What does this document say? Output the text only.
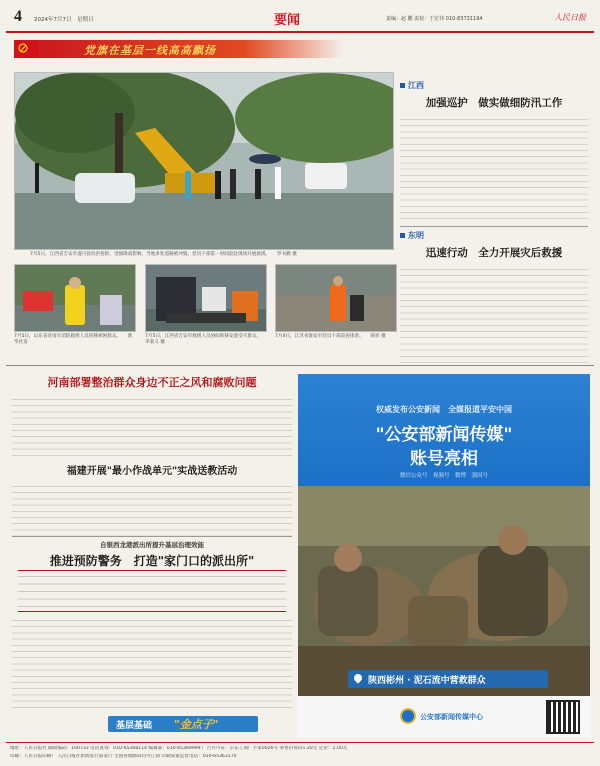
4 2024年7月7日　星期日	要闻	责编：赵 鹏 责校：于宏伟 010-83731194	人民日报
党旗在基层一线高高飘扬
7月5日，江西省吉安市遂川县抗洪抢险，受强降雨影响，当地多处道路被冲毁，党员干部第一时间赶赴现场开展救援。　　罗书勤 摄
7月5日，山东省济南市消防救援人员转移被困群众。　　新华社发
7月5日，江西省吉安市救援人员协助转移安置受灾群众。　　李秉义 摄
7月4日，江苏省淮安市党员干部巡查排涝。　　韩祥 摄
江西
加强巡护　做实做细防汛工作
东明
迅速行动　全力开展灾后救援
河南部署整治群众身边不正之风和腐败问题
福建开展"最小作战单元"实战送教活动
自银西龙港派出所提升基层治理效能
推进预防警务　打造"家门口的派出所"
基层基础 "金点子"
权威发布公安新闻　全媒报道平安中国
"公安部新闻传媒"
账号亮相
微信公众号　视频号　微博　强国号
陕西彬州 · 泥石流中营救群众
公安部新闻传媒中心
地址：人民日报社 邮政编码：100733 电话查询：010-65368114 编辑部：010-65369999 广告许可证：京东工商广字第0026号 零售价每份1.20元 定价：2.00元
印刷：人民日报印刷厂 人民日报社新闻发行部发行 全国各地邮局均可订阅 印刷质量监督电话：010-65363170
